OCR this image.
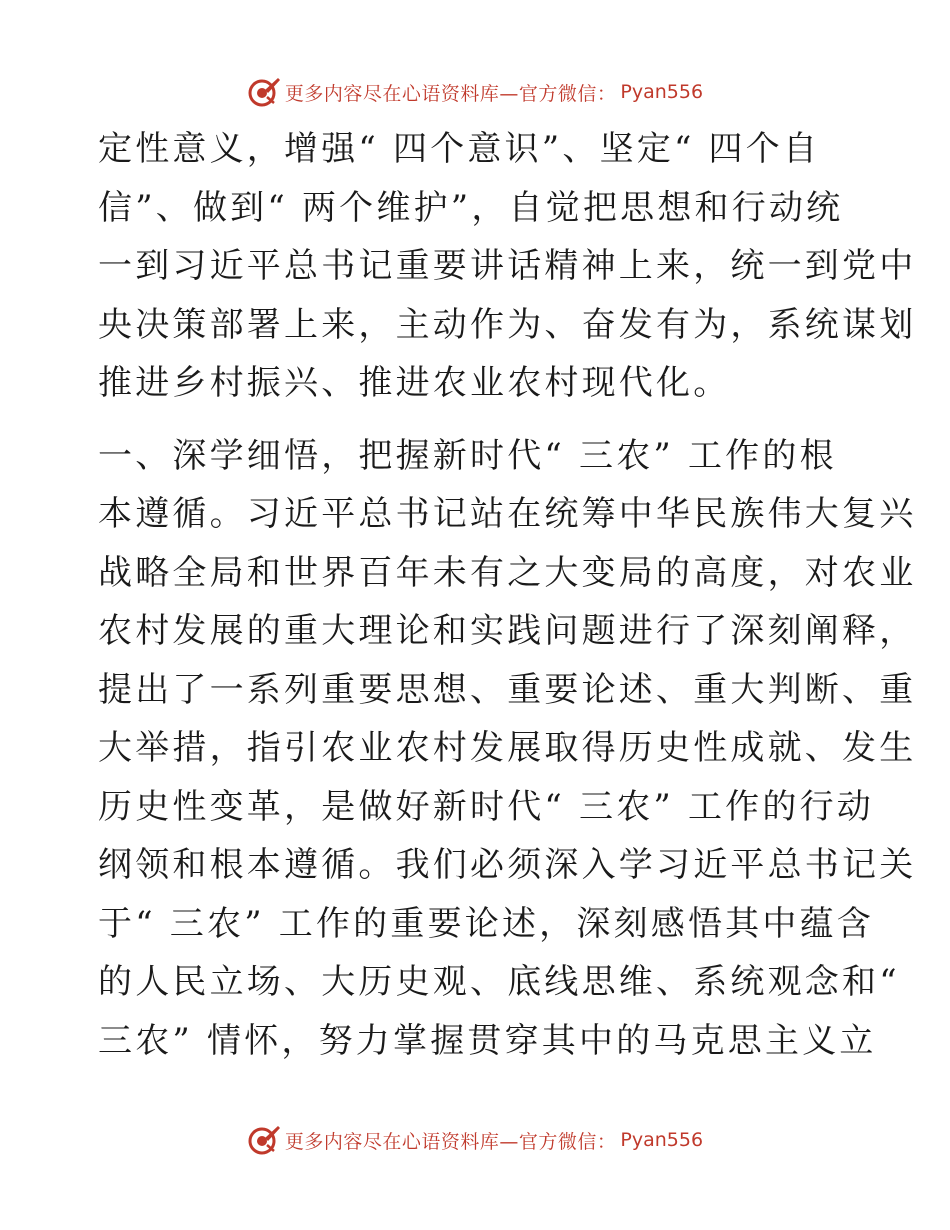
更多内容尽在心语资料库—官方微信： Pyan556
定性意义，增强“ 四个意识”、坚定“ 四个自
信”、做到“ 两个维护”，自觉把思想和行动统
一到习近平总书记重要讲话精神上来，统一到党中
央决策部署上来，主动作为、奋发有为，系统谋划
推进乡村振兴、推进农业农村现代化。
一、深学细悟，把握新时代“ 三农” 工作的根
本遵循。习近平总书记站在统筹中华民族伟大复兴
战略全局和世界百年未有之大变局的高度，对农业
农村发展的重大理论和实践问题进行了深刻阐释，
提出了一系列重要思想、重要论述、重大判断、重
大举措，指引农业农村发展取得历史性成就、发生
历史性变革，是做好新时代“ 三农” 工作的行动
纲领和根本遵循。我们必须深入学习近平总书记关
于“ 三农” 工作的重要论述，深刻感悟其中蕴含
的人民立场、大历史观、底线思维、系统观念和“
三农” 情怀，努力掌握贯穿其中的马克思主义立
更多内容尽在心语资料库—官方微信： Pyan556
